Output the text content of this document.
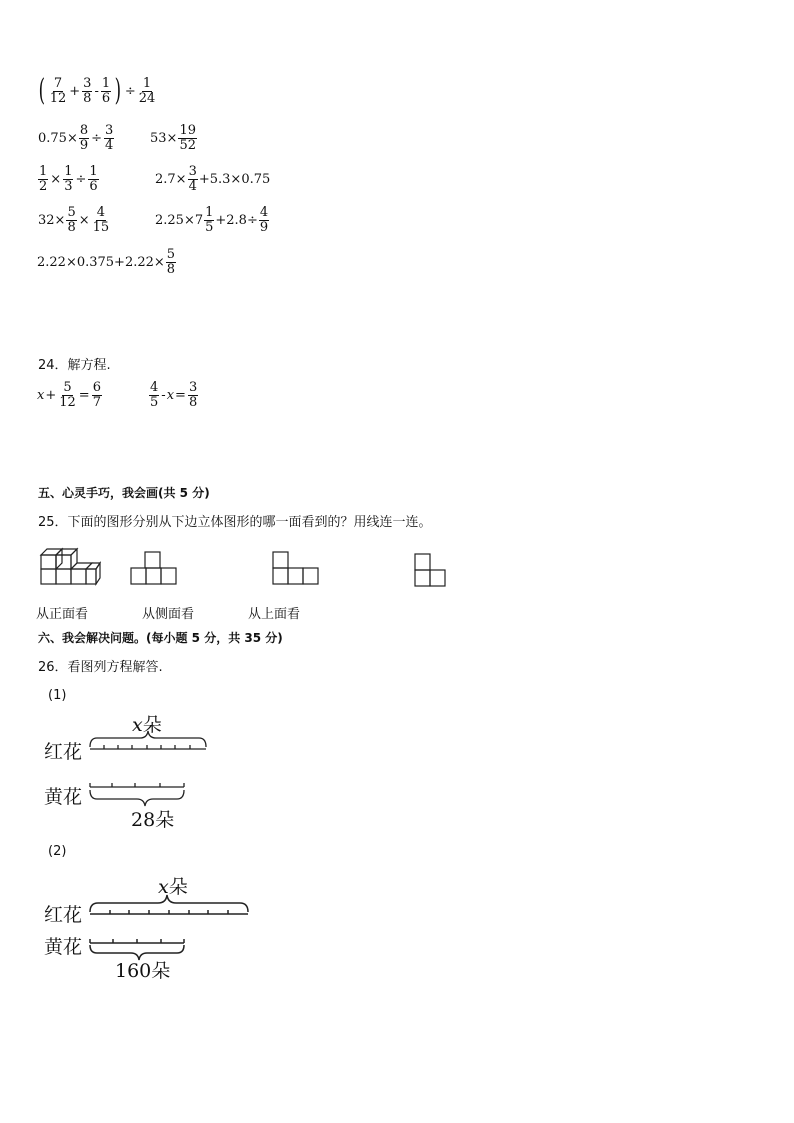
( $\frac{7}{12} + \frac{3}{8} - \frac{1}{6}$ ) ÷ $\frac{1}{24}$
$0.75\times \frac{8}{9} \div \frac{3}{4}$	$53\times \frac{19}{52}$
$\frac{1}{2} \times \frac{1}{3} \div \frac{1}{6}$	$2.7\times \frac{3}{4} +5.3\times 0.75$
$32\times \frac{5}{8} \times \frac{4}{15}$	$2.25\times 7 \frac{1}{5} +2.8\div \frac{4}{9}$
$2.22\times 0.375+2.22\times \frac{5}{8}$
24．解方程.
$x + \frac{5}{12} = \frac{6}{7}$	$\frac{4}{5} - x = \frac{3}{8}$
五、心灵手巧，我会画(共 5 分)
25．下面的图形分别从下边立体图形的哪一面看到的？用线连一连。
从正面看	从侧面看	从上面看
六、我会解决问题。(每小题 5 分，共 35 分)
26．看图列方程解答.
(1)
x朵
红花
黄花
28朵
(2)
x朵
红花
黄花
160朵
